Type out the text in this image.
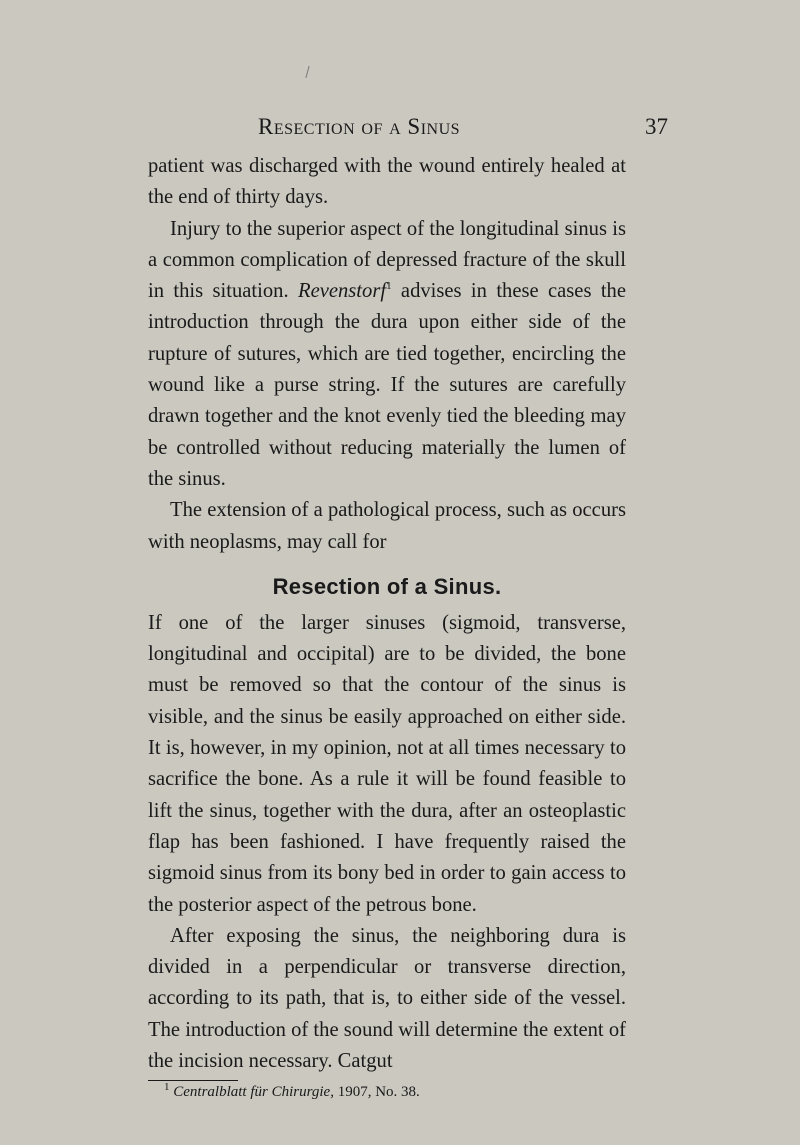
Resection of a Sinus	37

patient was discharged with the wound entirely healed at the end of thirty days.

Injury to the superior aspect of the longitudinal sinus is a common complication of depressed fracture of the skull in this situation. Revenstorf$^1$ advises in these cases the introduction through the dura upon either side of the rupture of sutures, which are tied together, encircling the wound like a purse string. If the sutures are carefully drawn together and the knot evenly tied the bleeding may be controlled without reducing materially the lumen of the sinus.

The extension of a pathological process, such as occurs with neoplasms, may call for

Resection of a Sinus.

If one of the larger sinuses (sigmoid, transverse, longitudinal and occipital) are to be divided, the bone must be removed so that the contour of the sinus is visible, and the sinus be easily approached on either side. It is, however, in my opinion, not at all times necessary to sacrifice the bone. As a rule it will be found feasible to lift the sinus, together with the dura, after an osteoplastic flap has been fashioned. I have frequently raised the sigmoid sinus from its bony bed in order to gain access to the posterior aspect of the petrous bone.

After exposing the sinus, the neighboring dura is divided in a perpendicular or transverse direction, according to its path, that is, to either side of the vessel. The introduction of the sound will determine the extent of the incision necessary. Catgut

$^1$ Centralblatt für Chirurgie, 1907, No. 38.
